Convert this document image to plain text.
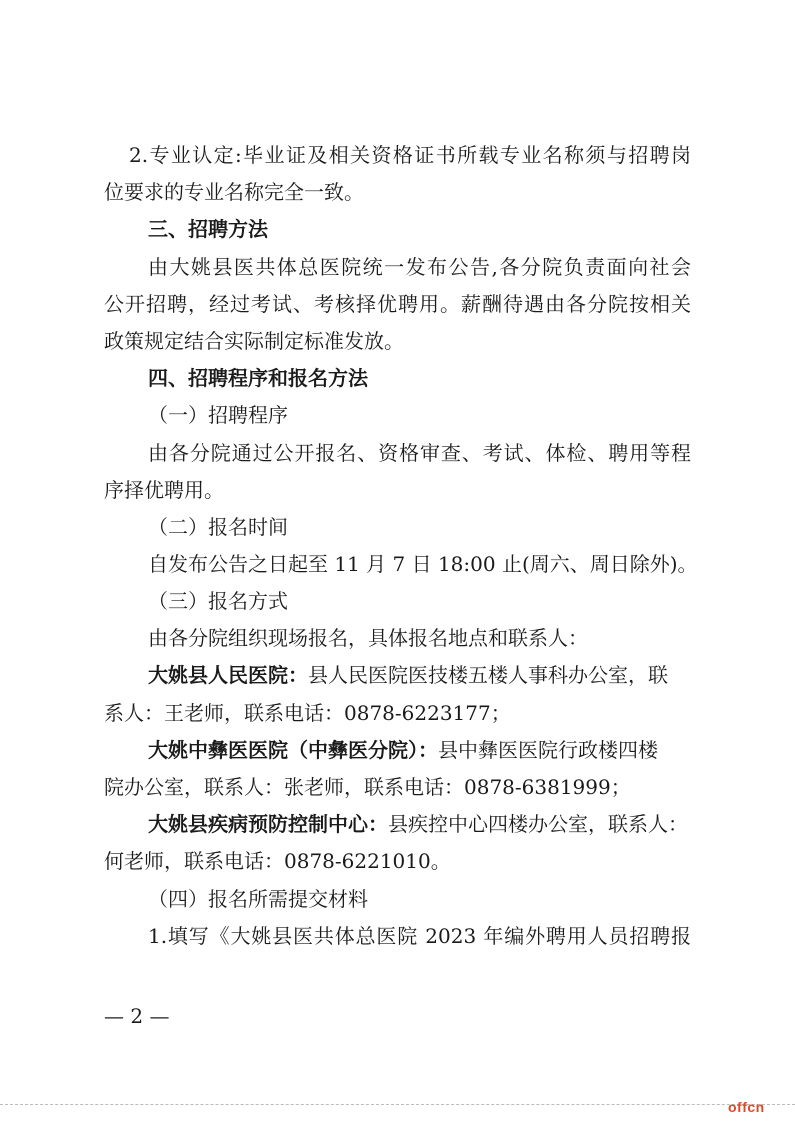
2.专业认定:毕业证及相关资格证书所载专业名称须与招聘岗
位要求的专业名称完全一致。
三、招聘方法
由大姚县医共体总医院统一发布公告,各分院负责面向社会
公开招聘，经过考试、考核择优聘用。薪酬待遇由各分院按相关
政策规定结合实际制定标准发放。
四、招聘程序和报名方法
（一）招聘程序
由各分院通过公开报名、资格审查、考试、体检、聘用等程
序择优聘用。
（二）报名时间
自发布公告之日起至 11 月 7 日 18:00 止(周六、周日除外)。
（三）报名方式
由各分院组织现场报名，具体报名地点和联系人：
大姚县人民医院：县人民医院医技楼五楼人事科办公室，联
系人：王老师，联系电话：0878-6223177；
大姚中彝医医院（中彝医分院）：县中彝医医院行政楼四楼
院办公室，联系人：张老师，联系电话：0878-6381999；
大姚县疾病预防控制中心：县疾控中心四楼办公室，联系人：
何老师，联系电话：0878-6221010。
（四）报名所需提交材料
1.填写《大姚县医共体总医院 2023 年编外聘用人员招聘报
— 2 —
offcn
